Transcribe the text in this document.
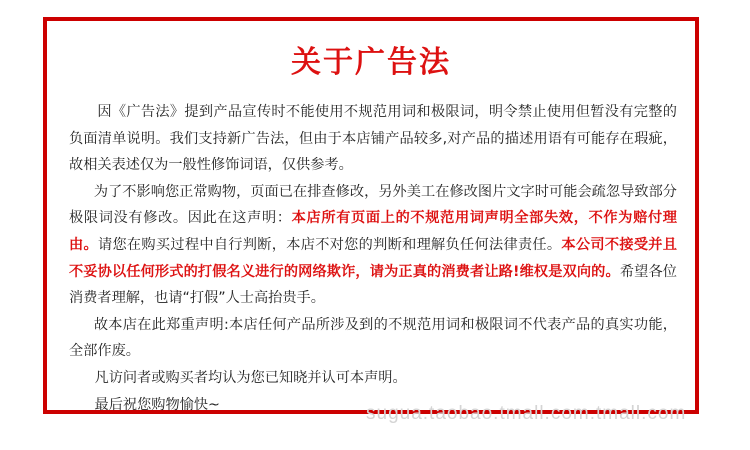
关于广告法

因《广告法》提到产品宣传时不能使用不规范用词和极限词，明令禁止使用但暂没有完整的负面清单说明。我们支持新广告法，但由于本店铺产品较多,对产品的描述用语有可能存在瑕疵，故相关表述仅为一般性修饰词语，仅供参考。

为了不影响您正常购物，页面已在排查修改，另外美工在修改图片文字时可能会疏忽导致部分极限词没有修改。因此在这声明：本店所有页面上的不规范用词声明全部失效，不作为赔付理由。请您在购买过程中自行判断，本店不对您的判断和理解负任何法律责任。本公司不接受并且不妥协以任何形式的打假名义进行的网络欺诈，请为正真的消费者让路!维权是双向的。希望各位消费者理解，也请“打假”人士高抬贵手。

故本店在此郑重声明:本店任何产品所涉及到的不规范用词和极限词不代表产品的真实功能，全部作废。

凡访问者或购买者均认为您已知晓并认可本声明。

最后祝您购物愉快~	sugua.taobao.tmall.com.tmall.com
